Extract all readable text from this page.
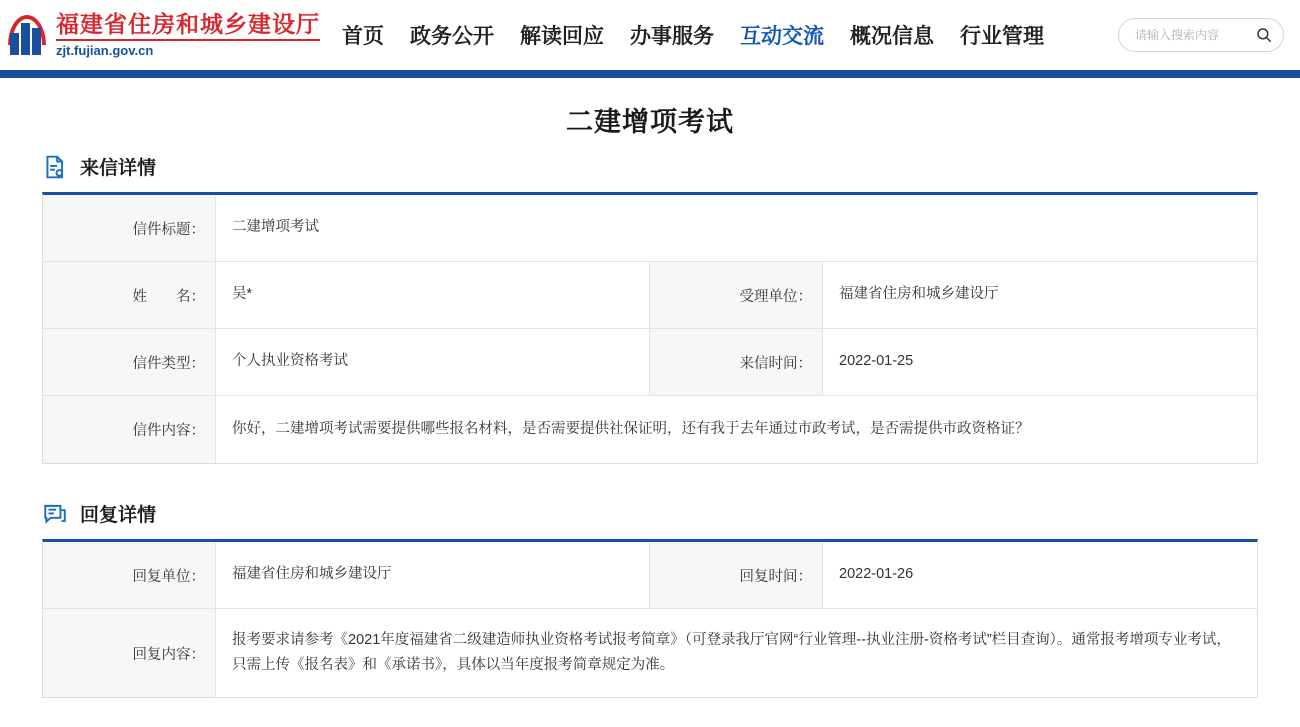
福建省住房和城乡建设厅
zjt.fujian.gov.cn
首页 政务公开 解读回应 办事服务 互动交流 概况信息 行业管理
请输入搜索内容
二建增项考试
来信详情
信件标题：	二建增项考试
姓　　名：	吴*	受理单位：	福建省住房和城乡建设厅
信件类型：	个人执业资格考试	来信时间：	2022-01-25
信件内容：	你好，二建增项考试需要提供哪些报名材料，是否需要提供社保证明，还有我于去年通过市政考试，是否需提供市政资格证？
回复详情
回复单位：	福建省住房和城乡建设厅	回复时间：	2022-01-26
回复内容：
报考要求请参考《2021年度福建省二级建造师执业资格考试报考简章》（可登录我厅官网“行业管理--执业注册-资格考试”栏目查询）。通常报考增项专业考试，只需上传《报名表》和《承诺书》，具体以当年度报考简章规定为准。
